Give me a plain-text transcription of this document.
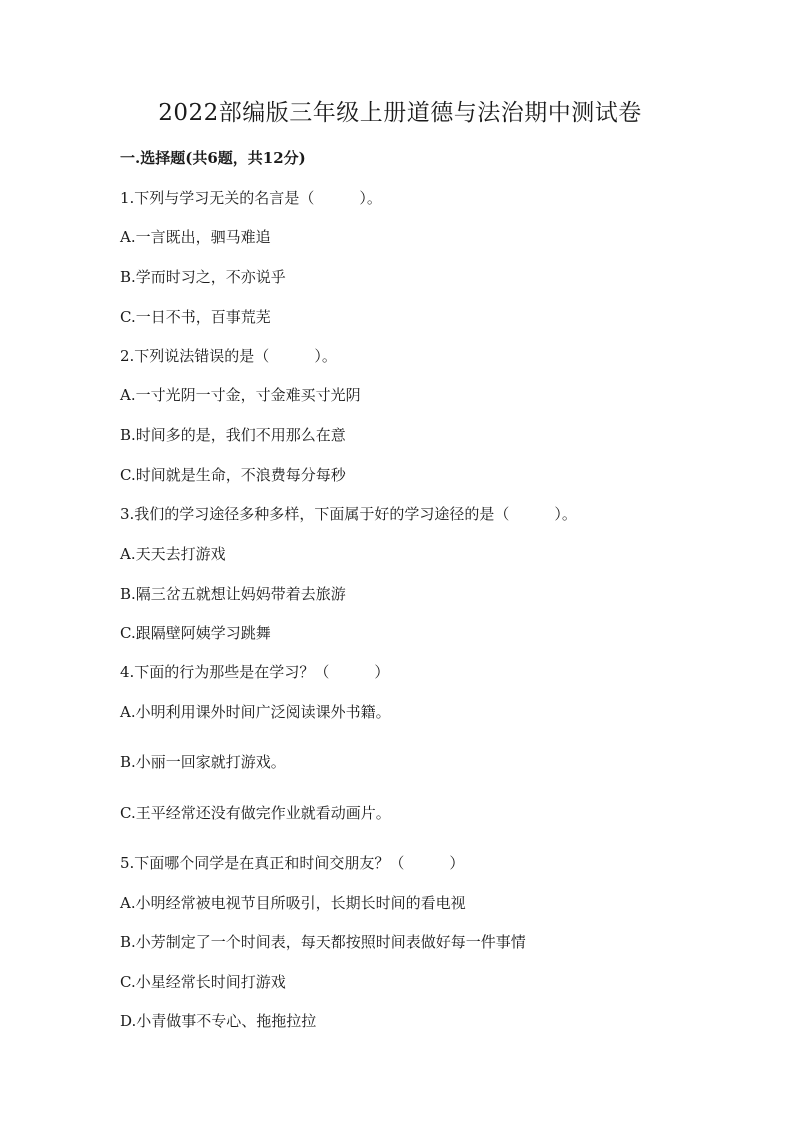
2022部编版三年级上册道德与法治期中测试卷
一.选择题(共6题，共12分)
1.下列与学习无关的名言是（　　　）。
A.一言既出，驷马难追
B.学而时习之，不亦说乎
C.一日不书，百事荒芜
2.下列说法错误的是（　　　）。
A.一寸光阴一寸金，寸金难买寸光阴
B.时间多的是，我们不用那么在意
C.时间就是生命，不浪费每分每秒
3.我们的学习途径多种多样，下面属于好的学习途径的是（　　　）。
A.天天去打游戏
B.隔三岔五就想让妈妈带着去旅游
C.跟隔壁阿姨学习跳舞
4.下面的行为那些是在学习？（　　　）
A.小明利用课外时间广泛阅读课外书籍。
B.小丽一回家就打游戏。
C.王平经常还没有做完作业就看动画片。
5.下面哪个同学是在真正和时间交朋友？（　　　）
A.小明经常被电视节目所吸引，长期长时间的看电视
B.小芳制定了一个时间表，每天都按照时间表做好每一件事情
C.小星经常长时间打游戏
D.小青做事不专心、拖拖拉拉
